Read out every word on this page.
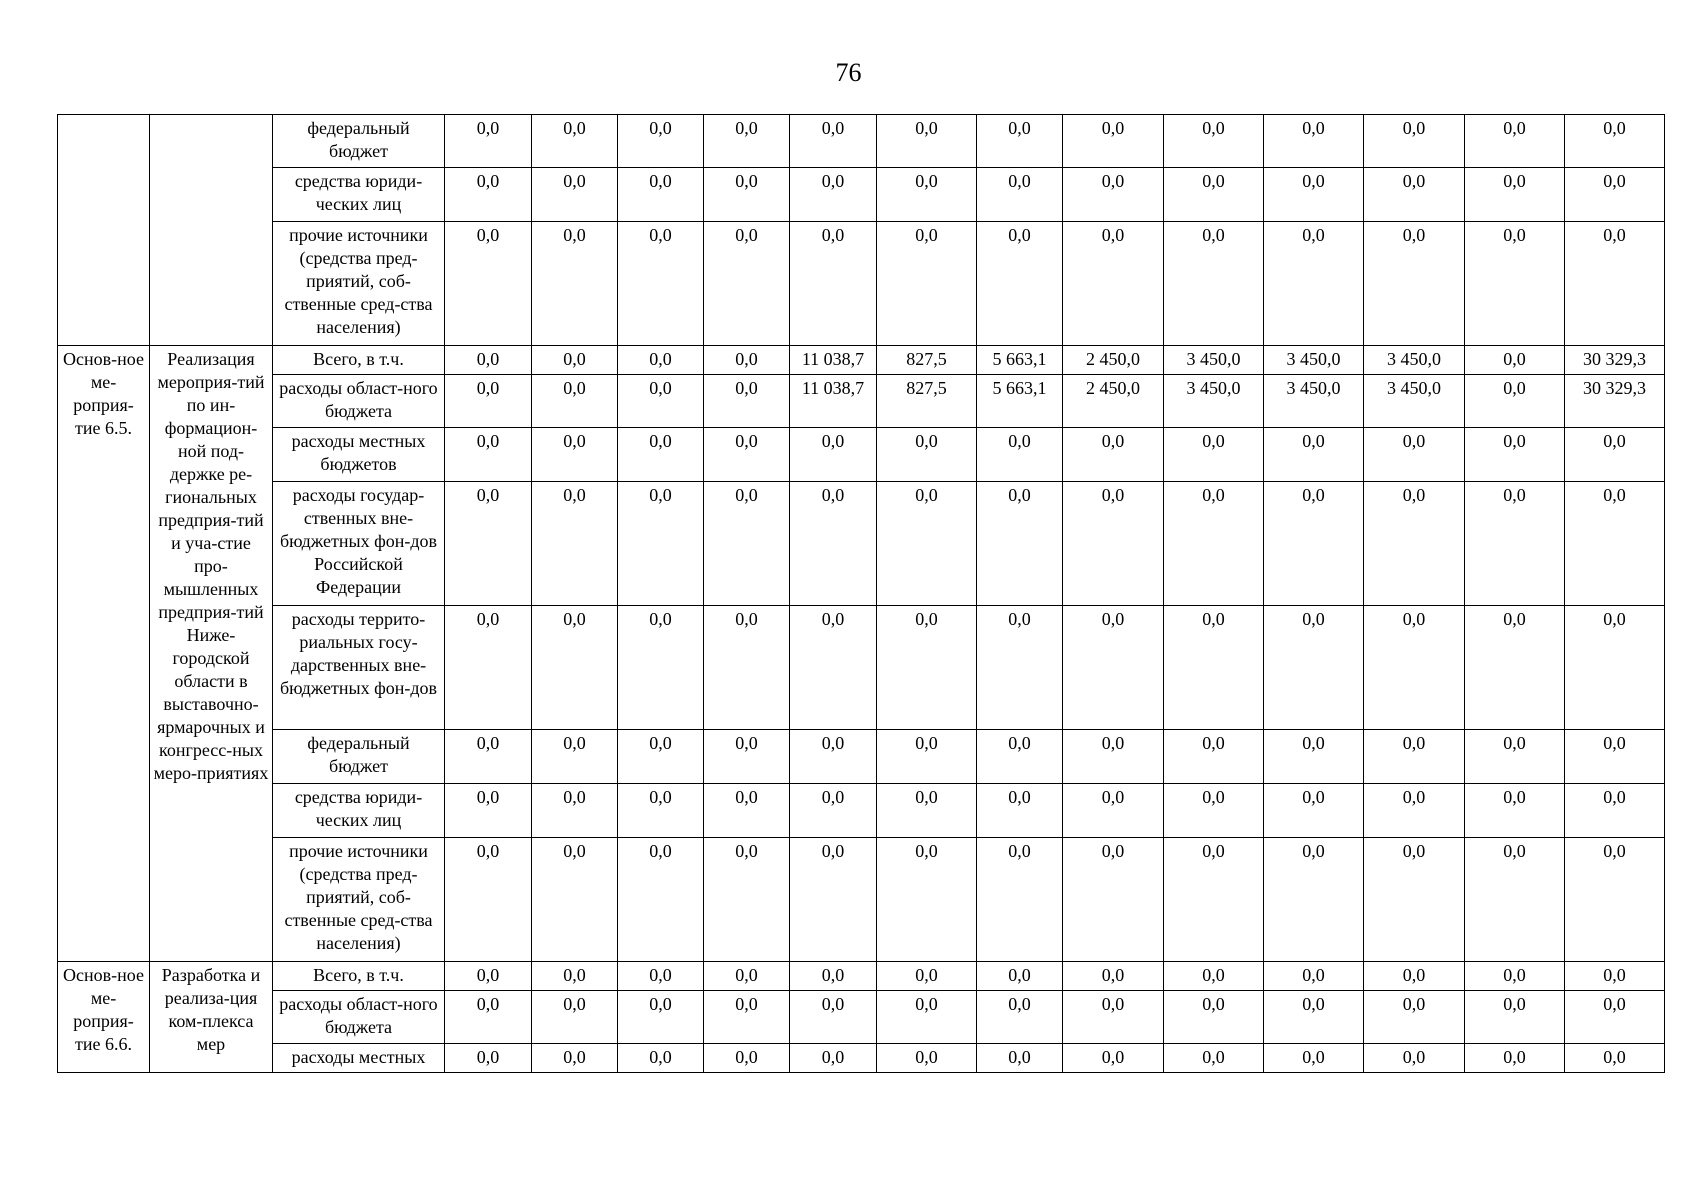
76
		федеральный бюджет	0,0	0,0	0,0	0,0	0,0	0,0	0,0	0,0	0,0	0,0	0,0	0,0	0,0
		средства юриди-ческих лиц	0,0	0,0	0,0	0,0	0,0	0,0	0,0	0,0	0,0	0,0	0,0	0,0	0,0
		прочие источники (средства пред-приятий, соб-ственные сред-ства населения)	0,0	0,0	0,0	0,0	0,0	0,0	0,0	0,0	0,0	0,0	0,0	0,0	0,0
Основ-ное ме-роприя-тие 6.5.	Реализация мероприя-тий по ин-формацион-ной под-держке ре-гиональных предприя-тий и уча-стие про-мышленных предприя-тий Ниже-городской области в выставочно-ярмарочных и конгресс-ных меро-приятиях	Всего, в т.ч.	0,0	0,0	0,0	0,0	11 038,7	827,5	5 663,1	2 450,0	3 450,0	3 450,0	3 450,0	0,0	30 329,3
		расходы област-ного бюджета	0,0	0,0	0,0	0,0	11 038,7	827,5	5 663,1	2 450,0	3 450,0	3 450,0	3 450,0	0,0	30 329,3
		расходы местных бюджетов	0,0	0,0	0,0	0,0	0,0	0,0	0,0	0,0	0,0	0,0	0,0	0,0	0,0
		расходы государ-ственных вне-бюджетных фон-дов Российской Федерации	0,0	0,0	0,0	0,0	0,0	0,0	0,0	0,0	0,0	0,0	0,0	0,0	0,0
		расходы террито-риальных госу-дарственных вне-бюджетных фон-дов	0,0	0,0	0,0	0,0	0,0	0,0	0,0	0,0	0,0	0,0	0,0	0,0	0,0
		федеральный бюджет	0,0	0,0	0,0	0,0	0,0	0,0	0,0	0,0	0,0	0,0	0,0	0,0	0,0
		средства юриди-ческих лиц	0,0	0,0	0,0	0,0	0,0	0,0	0,0	0,0	0,0	0,0	0,0	0,0	0,0
		прочие источники (средства пред-приятий, соб-ственные сред-ства населения)	0,0	0,0	0,0	0,0	0,0	0,0	0,0	0,0	0,0	0,0	0,0	0,0	0,0
Основ-ное ме-роприя-тие 6.6.	Разработка и реализа-ция ком-плекса мер	Всего, в т.ч.	0,0	0,0	0,0	0,0	0,0	0,0	0,0	0,0	0,0	0,0	0,0	0,0	0,0
		расходы област-ного бюджета	0,0	0,0	0,0	0,0	0,0	0,0	0,0	0,0	0,0	0,0	0,0	0,0	0,0
		расходы местных	0,0	0,0	0,0	0,0	0,0	0,0	0,0	0,0	0,0	0,0	0,0	0,0	0,0
